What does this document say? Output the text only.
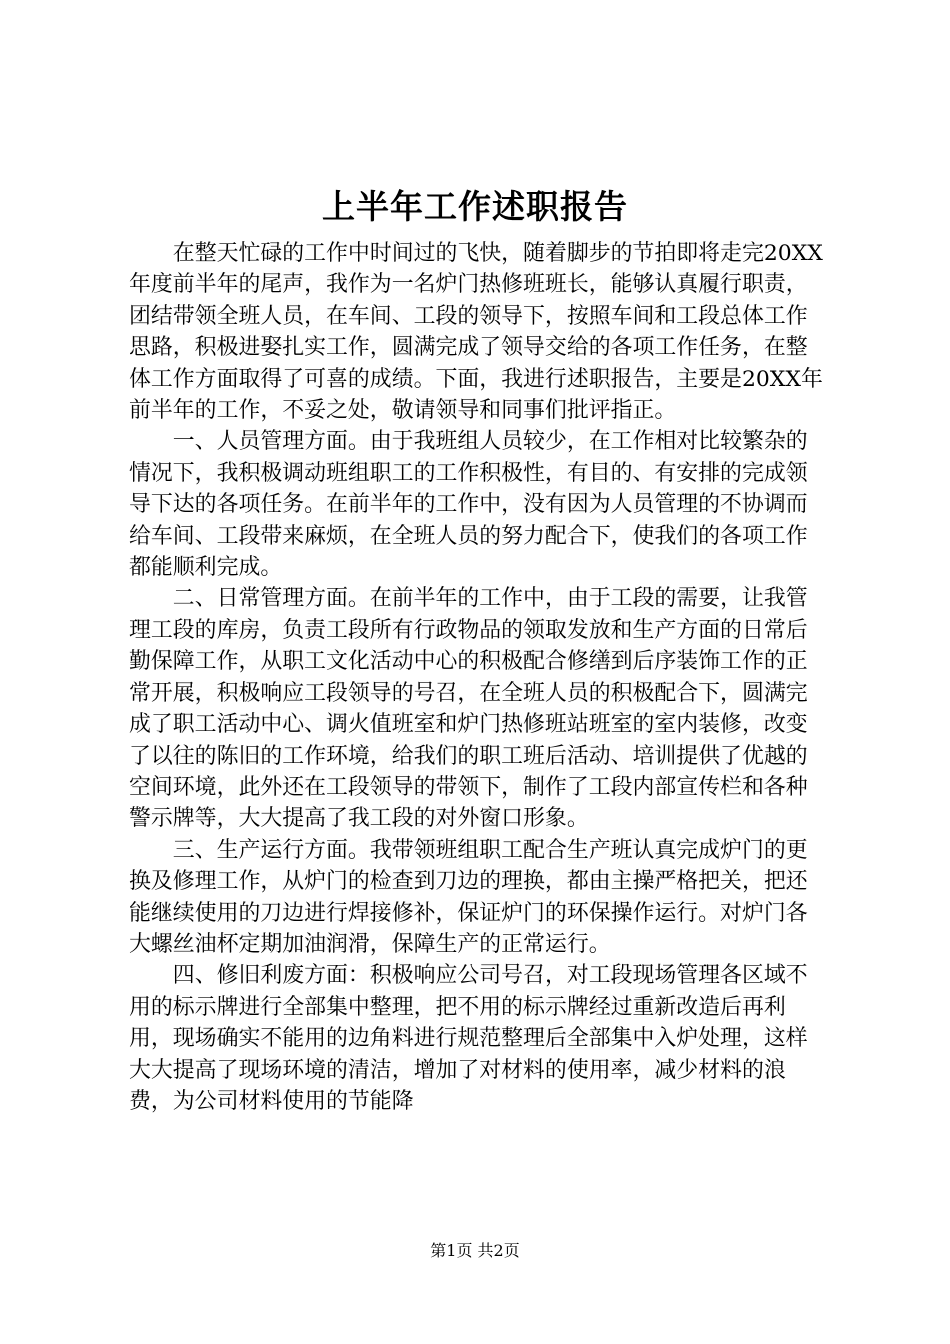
上半年工作述职报告

在整天忙碌的工作中时间过的飞快，随着脚步的节拍即将走完20XX年度前半年的尾声，我作为一名炉门热修班班长，能够认真履行职责，团结带领全班人员，在车间、工段的领导下，按照车间和工段总体工作思路，积极进娶扎实工作，圆满完成了领导交给的各项工作任务，在整体工作方面取得了可喜的成绩。下面，我进行述职报告，主要是20XX年前半年的工作，不妥之处，敬请领导和同事们批评指正。

一、人员管理方面。由于我班组人员较少，在工作相对比较繁杂的情况下，我积极调动班组职工的工作积极性，有目的、有安排的完成领导下达的各项任务。在前半年的工作中，没有因为人员管理的不协调而给车间、工段带来麻烦，在全班人员的努力配合下，使我们的各项工作都能顺利完成。

二、日常管理方面。在前半年的工作中，由于工段的需要，让我管理工段的库房，负责工段所有行政物品的领取发放和生产方面的日常后勤保障工作，从职工文化活动中心的积极配合修缮到后序装饰工作的正常开展，积极响应工段领导的号召，在全班人员的积极配合下，圆满完成了职工活动中心、调火值班室和炉门热修班站班室的室内装修，改变了以往的陈旧的工作环境，给我们的职工班后活动、培训提供了优越的空间环境，此外还在工段领导的带领下，制作了工段内部宣传栏和各种警示牌等，大大提高了我工段的对外窗口形象。

三、生产运行方面。我带领班组职工配合生产班认真完成炉门的更换及修理工作，从炉门的检查到刀边的理换，都由主操严格把关，把还能继续使用的刀边进行焊接修补，保证炉门的环保操作运行。对炉门各大螺丝油杯定期加油润滑，保障生产的正常运行。

四、修旧利废方面：积极响应公司号召，对工段现场管理各区域不用的标示牌进行全部集中整理，把不用的标示牌经过重新改造后再利用，现场确实不能用的边角料进行规范整理后全部集中入炉处理，这样大大提高了现场环境的清洁，增加了对材料的使用率，减少材料的浪费，为公司材料使用的节能降

第1页 共2页
